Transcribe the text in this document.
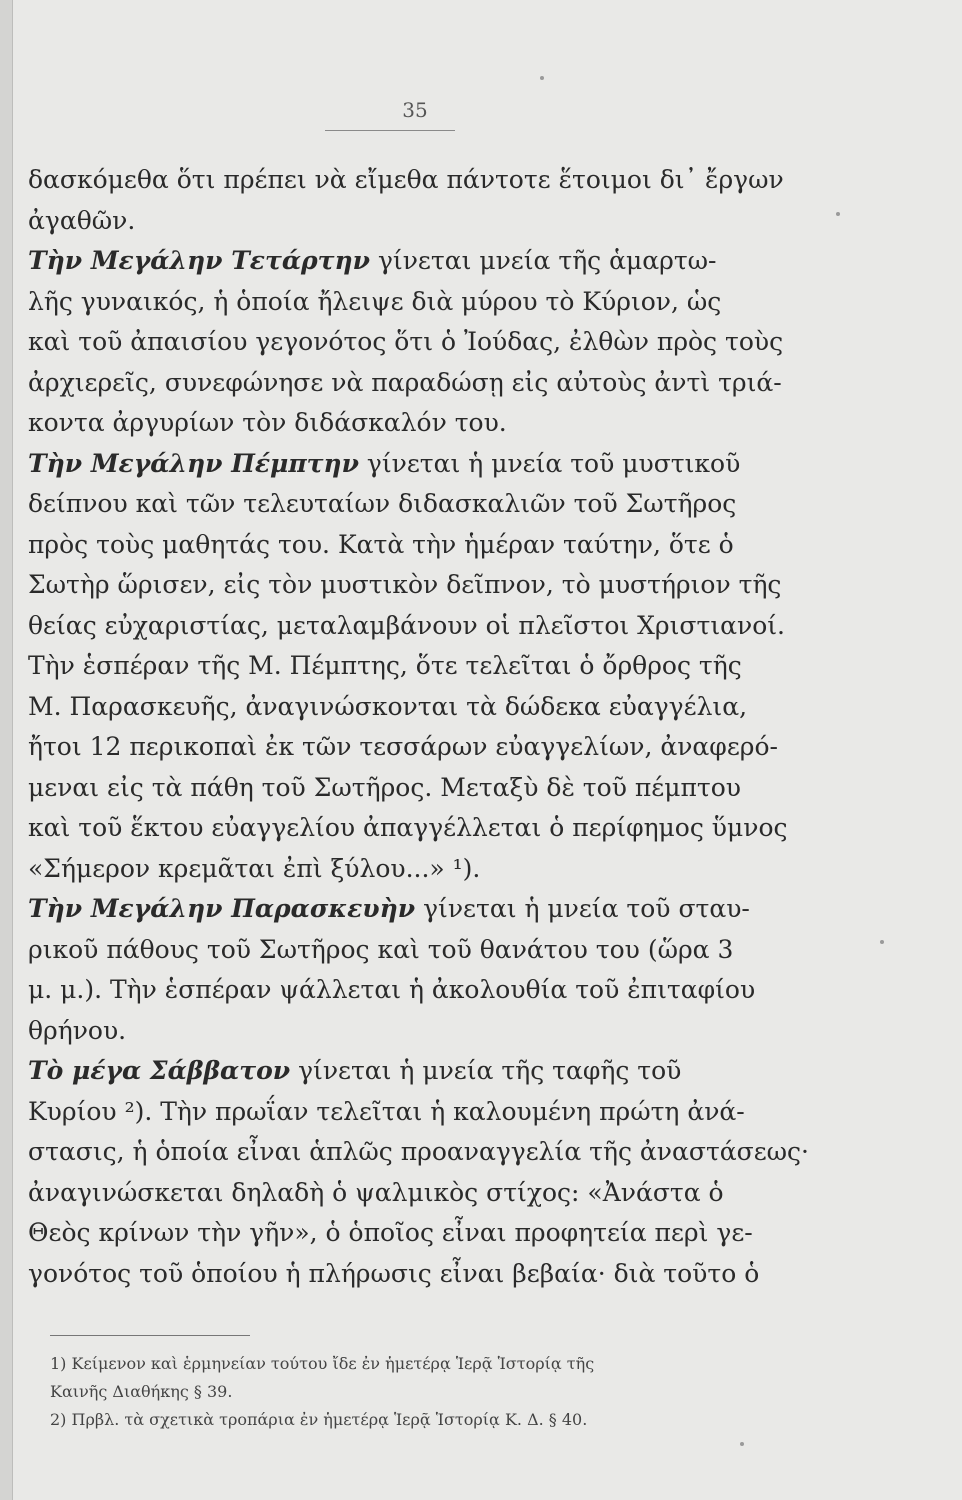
35
δασκόμεθα ὅτι πρέπει νὰ εἴμεθα πάντοτε ἕτοιμοι δι᾽ ἔργων
ἀγαθῶν.
Τὴν Μεγάλην Τετάρτην γίνεται μνεία τῆς ἁμαρτω-
λῆς γυναικός, ἡ ὁποία ἤλειψε διὰ μύρου τὸ Κύριον, ὡς
καὶ τοῦ ἀπαισίου γεγονότος ὅτι ὁ Ἰούδας, ἐλθὼν πρὸς τοὺς
ἀρχιερεῖς, συνεφώνησε νὰ παραδώσῃ εἰς αὐτοὺς ἀντὶ τριά-
κοντα ἀργυρίων τὸν διδάσκαλόν του.
Τὴν Μεγάλην Πέμπτην γίνεται ἡ μνεία τοῦ μυστικοῦ
δείπνου καὶ τῶν τελευταίων διδασκαλιῶν τοῦ Σωτῆρος
πρὸς τοὺς μαθητάς του. Κατὰ τὴν ἡμέραν ταύτην, ὅτε ὁ
Σωτὴρ ὥρισεν, εἰς τὸν μυστικὸν δεῖπνον, τὸ μυστήριον τῆς
θείας εὐχαριστίας, μεταλαμβάνουν οἱ πλεῖστοι Χριστιανοί.
Τὴν ἑσπέραν τῆς Μ. Πέμπτης, ὅτε τελεῖται ὁ ὄρθρος τῆς
Μ. Παρασκευῆς, ἀναγινώσκονται τὰ δώδεκα εὐαγγέλια,
ἤτοι 12 περικοπαὶ ἐκ τῶν τεσσάρων εὐαγγελίων, ἀναφερό-
μεναι εἰς τὰ πάθη τοῦ Σωτῆρος. Μεταξὺ δὲ τοῦ πέμπτου
καὶ τοῦ ἕκτου εὐαγγελίου ἀπαγγέλλεται ὁ περίφημος ὕμνος
«Σήμερον κρεμᾶται ἐπὶ ξύλου...» ¹).
Τὴν Μεγάλην Παρασκευὴν γίνεται ἡ μνεία τοῦ σταυ-
ρικοῦ πάθους τοῦ Σωτῆρος καὶ τοῦ θανάτου του (ὥρα 3
μ. μ.). Τὴν ἑσπέραν ψάλλεται ἡ ἀκολουθία τοῦ ἐπιταφίου
θρήνου.
Τὸ μέγα Σάββατον γίνεται ἡ μνεία τῆς ταφῆς τοῦ
Κυρίου ²). Τὴν πρωΐαν τελεῖται ἡ καλουμένη πρώτη ἀνά-
στασις, ἡ ὁποία εἶναι ἁπλῶς προαναγγελία τῆς ἀναστάσεως·
ἀναγινώσκεται δηλαδὴ ὁ ψαλμικὸς στίχος: «Ἀνάστα ὁ
Θεὸς κρίνων τὴν γῆν», ὁ ὁποῖος εἶναι προφητεία περὶ γε-
γονότος τοῦ ὁποίου ἡ πλήρωσις εἶναι βεβαία· διὰ τοῦτο ὁ
1) Κείμενον καὶ ἑρμηνείαν τούτου ἴδε ἐν ἡμετέρᾳ Ἱερᾷ Ἱστορίᾳ τῆς
Καινῆς Διαθήκης § 39.
2) Πρβλ. τὰ σχετικὰ τροπάρια ἐν ἡμετέρᾳ Ἱερᾷ Ἱστορίᾳ Κ. Δ. § 40.
